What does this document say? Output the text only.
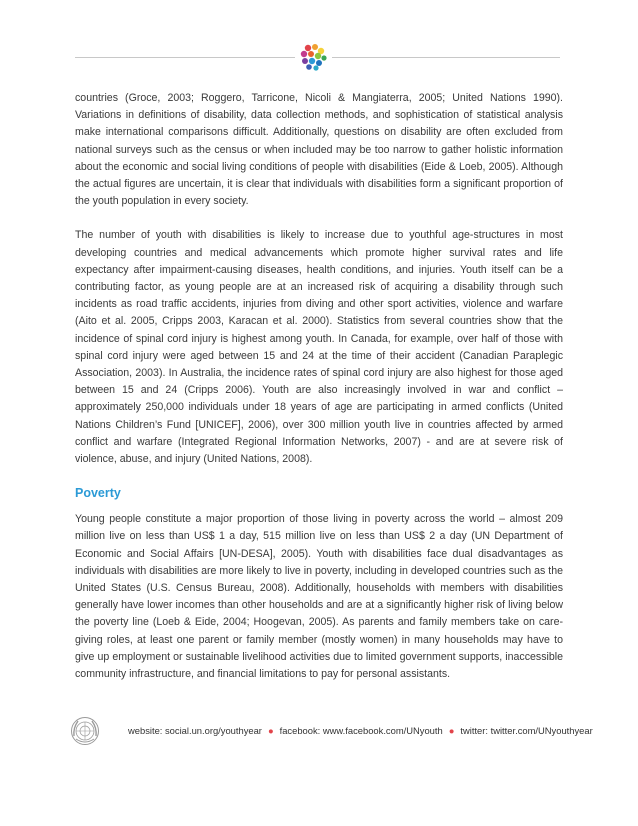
countries (Groce, 2003; Roggero, Tarricone, Nicoli & Mangiaterra, 2005; United Nations 1990). Variations in definitions of disability, data collection methods, and sophistication of statistical analysis make international comparisons difficult. Additionally, questions on disability are often excluded from national surveys such as the census or when included may be too narrow to gather holistic information about the economic and social living conditions of people with disabilities (Eide & Loeb, 2005). Although the actual figures are uncertain, it is clear that individuals with disabilities form a significant proportion of the youth population in every society.

The number of youth with disabilities is likely to increase due to youthful age-structures in most developing countries and medical advancements which promote higher survival rates and life expectancy after impairment-causing diseases, health conditions, and injuries. Youth itself can be a contributing factor, as young people are at an increased risk of acquiring a disability through such incidents as road traffic accidents, injuries from diving and other sport activities, violence and warfare (Aito et al. 2005, Cripps 2003, Karacan et al. 2000). Statistics from several countries show that the incidence of spinal cord injury is highest among youth. In Canada, for example, over half of those with spinal cord injury were aged between 15 and 24 at the time of their accident (Canadian Paraplegic Association, 2003). In Australia, the incidence rates of spinal cord injury are also highest for those aged between 15 and 24 (Cripps 2006). Youth are also increasingly involved in war and conflict – approximately 250,000 individuals under 18 years of age are participating in armed conflicts (United Nations Children’s Fund [UNICEF], 2006), over 300 million youth live in countries affected by armed conflict and warfare (Integrated Regional Information Networks, 2007) - and are at severe risk of violence, abuse, and injury (United Nations, 2008).

Poverty

Young people constitute a major proportion of those living in poverty across the world – almost 209 million live on less than US$ 1 a day, 515 million live on less than US$ 2 a day (UN Department of Economic and Social Affairs [UN-DESA], 2005). Youth with disabilities face dual disadvantages as individuals with disabilities are more likely to live in poverty, including in developed countries such as the United States (U.S. Census Bureau, 2008). Additionally, households with members with disabilities generally have lower incomes than other households and are at a significantly higher risk of living below the poverty line (Loeb & Eide, 2004; Hoogevan, 2005). As parents and family members take on care-giving roles, at least one parent or family member (mostly women) in many households may have to give up employment or sustainable livelihood activities due to limited government supports, inaccessible community infrastructure, and financial limitations to pay for personal assistants.

website: social.un.org/youthyear ● facebook: www.facebook.com/UNyouth ● twitter: twitter.com/UNyouthyear
